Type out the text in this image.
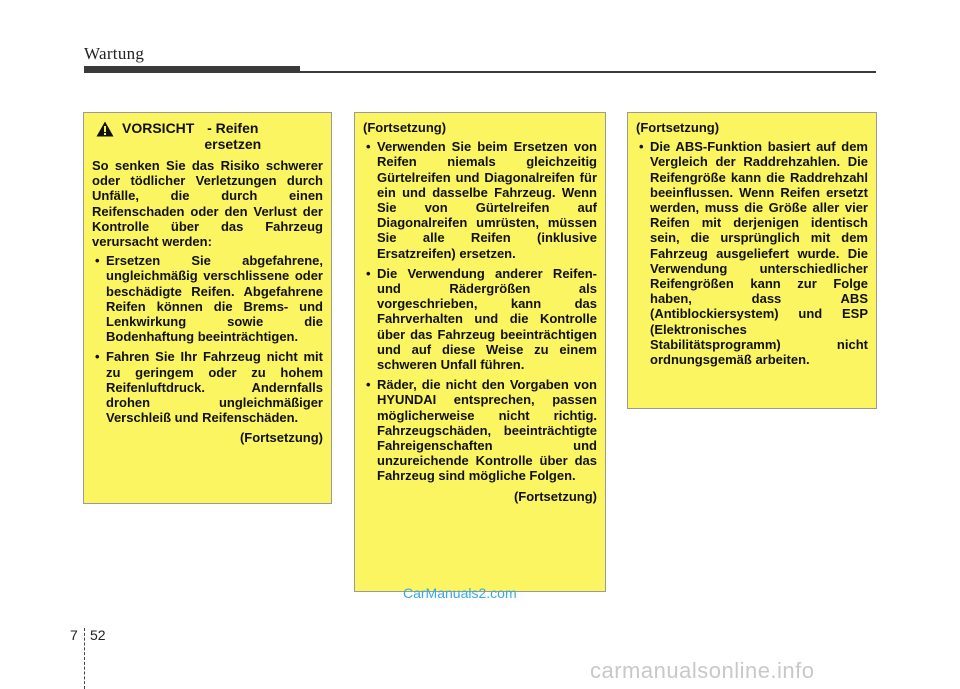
Wartung
VORSICHT - Reifen
ersetzen

So senken Sie das Risiko schwerer oder tödlicher Verletzungen durch Unfälle, die durch einen Reifenschaden oder den Verlust der Kontrolle über das Fahrzeug verursacht werden:

• Ersetzen Sie abgefahrene, ungleichmäßig verschlissene oder beschädigte Reifen. Abgefahrene Reifen können die Brems- und Lenkwirkung sowie die Bodenhaftung beeinträchtigen.
• Fahren Sie Ihr Fahrzeug nicht mit zu geringem oder zu hohem Reifenluftdruck. Andernfalls drohen ungleichmäßiger Verschleiß und Reifenschäden.
(Fortsetzung)
(Fortsetzung)
• Verwenden Sie beim Ersetzen von Reifen niemals gleichzeitig Gürtelreifen und Diagonalreifen für ein und dasselbe Fahrzeug. Wenn Sie von Gürtelreifen auf Diagonalreifen umrüsten, müssen Sie alle Reifen (inklusive Ersatzreifen) ersetzen.
• Die Verwendung anderer Reifen- und Rädergrößen als vorgeschrieben, kann das Fahrverhalten und die Kontrolle über das Fahrzeug beeinträchtigen und auf diese Weise zu einem schweren Unfall führen.
• Räder, die nicht den Vorgaben von HYUNDAI entsprechen, passen möglicherweise nicht richtig. Fahrzeugschäden, beeinträchtigte Fahreigenschaften und unzureichende Kontrolle über das Fahrzeug sind mögliche Folgen.
(Fortsetzung)
(Fortsetzung)
• Die ABS-Funktion basiert auf dem Vergleich der Raddrehzahlen. Die Reifengröße kann die Raddrehzahl beeinflussen. Wenn Reifen ersetzt werden, muss die Größe aller vier Reifen mit derjenigen identisch sein, die ursprünglich mit dem Fahrzeug ausgeliefert wurde. Die Verwendung unterschiedlicher Reifengrößen kann zur Folge haben, dass ABS (Antiblockiersystem) und ESP (Elektronisches Stabilitätsprogramm) nicht ordnungsgemäß arbeiten.
CarManuals2.com
7 52
carmanualsonline.info
